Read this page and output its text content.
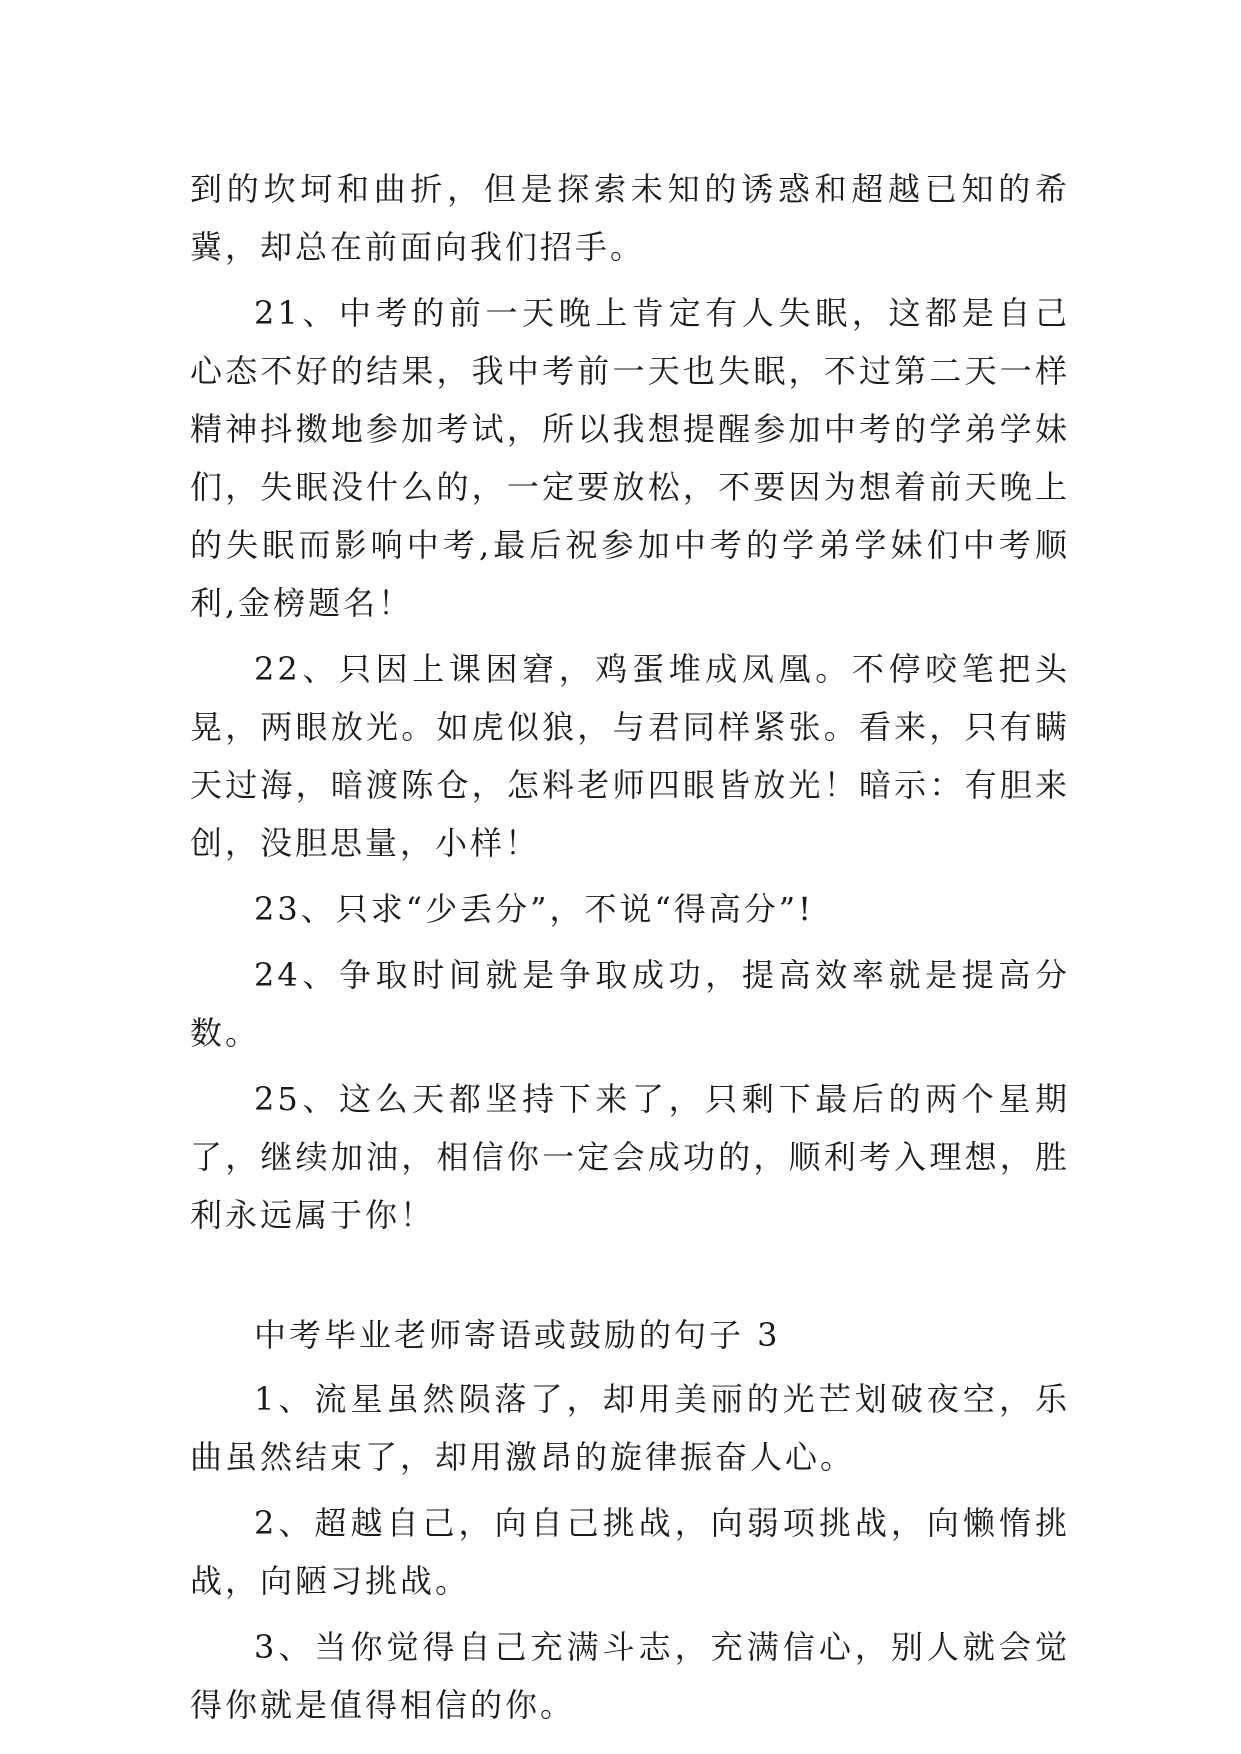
到的坎坷和曲折，但是探索未知的诱惑和超越已知的希冀，却总在前面向我们招手。

21、中考的前一天晚上肯定有人失眠，这都是自己心态不好的结果，我中考前一天也失眠，不过第二天一样精神抖擞地参加考试，所以我想提醒参加中考的学弟学妹们，失眠没什么的，一定要放松，不要因为想着前天晚上的失眠而影响中考,最后祝参加中考的学弟学妹们中考顺利,金榜题名！

22、只因上课困窘，鸡蛋堆成凤凰。不停咬笔把头晃，两眼放光。如虎似狼，与君同样紧张。看来，只有瞒天过海，暗渡陈仓，怎料老师四眼皆放光！暗示：有胆来创，没胆思量，小样！

23、只求“少丢分”，不说“得高分”!

24、争取时间就是争取成功，提高效率就是提高分数。

25、这么天都坚持下来了，只剩下最后的两个星期了，继续加油，相信你一定会成功的，顺利考入理想，胜利永远属于你！

中考毕业老师寄语或鼓励的句子 3

1、流星虽然陨落了，却用美丽的光芒划破夜空，乐曲虽然结束了，却用激昂的旋律振奋人心。

2、超越自己，向自己挑战，向弱项挑战，向懒惰挑战，向陋习挑战。

3、当你觉得自己充满斗志，充满信心，别人就会觉得你就是值得相信的你。
